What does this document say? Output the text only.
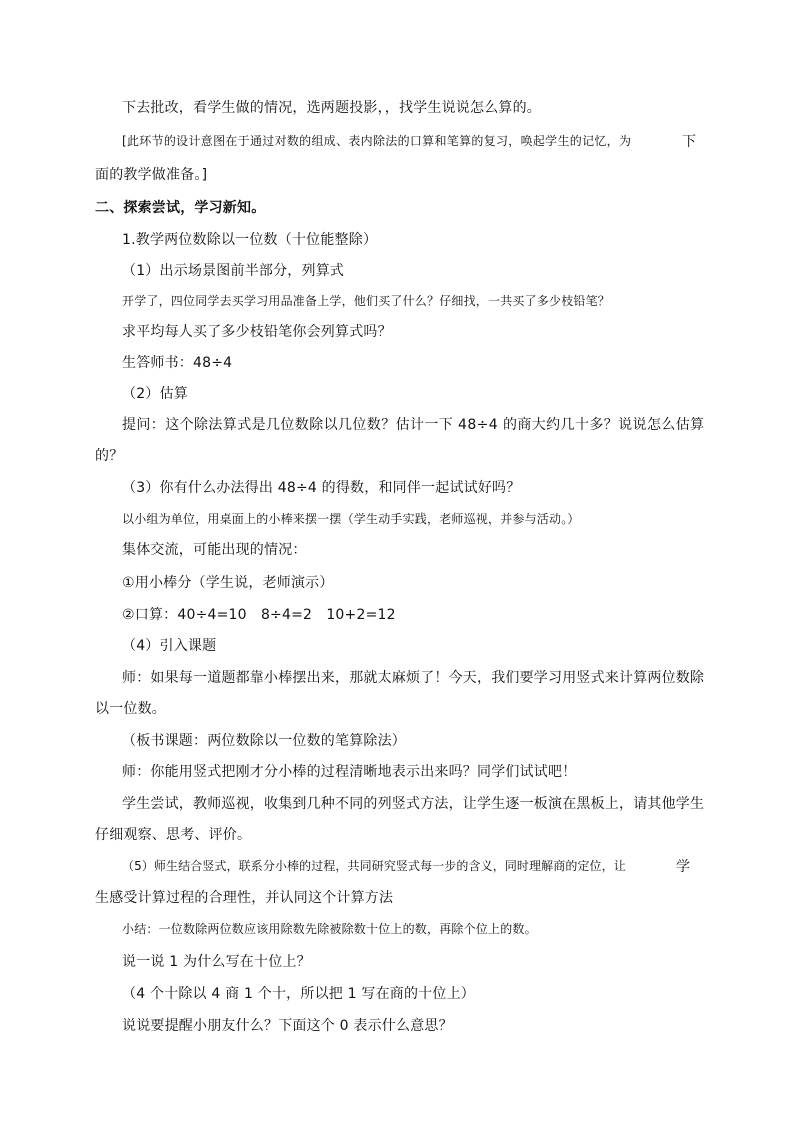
下去批改，看学生做的情况，选两题投影，，找学生说说怎么算的。
[此环节的设计意图在于通过对数的组成、表内除法的口算和笔算的复习，唤起学生的记忆，为	下
面的教学做准备。]
二、探索尝试，学习新知。
1.教学两位数除以一位数（十位能整除）
（1）出示场景图前半部分，列算式
开学了，四位同学去买学习用品准备上学，他们买了什么？仔细找，一共买了多少枝铅笔？
求平均每人买了多少枝铅笔你会列算式吗？
生答师书：48÷4
（2）估算
提问：这个除法算式是几位数除以几位数？估计一下 48÷4 的商大约几十多？说说怎么估算
的？
（3）你有什么办法得出 48÷4 的得数，和同伴一起试试好吗？
以小组为单位，用桌面上的小棒来摆一摆（学生动手实践，老师巡视，并参与活动。）
集体交流，可能出现的情况：
①用小棒分（学生说，老师演示）
②口算：40÷4=10　8÷4=2　10+2=12
（4）引入课题
师：如果每一道题都靠小棒摆出来，那就太麻烦了！今天，我们要学习用竖式来计算两位数除
以一位数。
（板书课题：两位数除以一位数的笔算除法）
师：你能用竖式把刚才分小棒的过程清晰地表示出来吗？同学们试试吧！
学生尝试，教师巡视，收集到几种不同的列竖式方法，让学生逐一板演在黑板上，请其他学生
仔细观察、思考、评价。
（5）师生结合竖式，联系分小棒的过程，共同研究竖式每一步的含义，同时理解商的定位，让	学
生感受计算过程的合理性，并认同这个计算方法
小结：一位数除两位数应该用除数先除被除数十位上的数，再除个位上的数。
说一说 1 为什么写在十位上？
（4 个十除以 4 商 1 个十，所以把 1 写在商的十位上）
说说要提醒小朋友什么？下面这个 0 表示什么意思？
